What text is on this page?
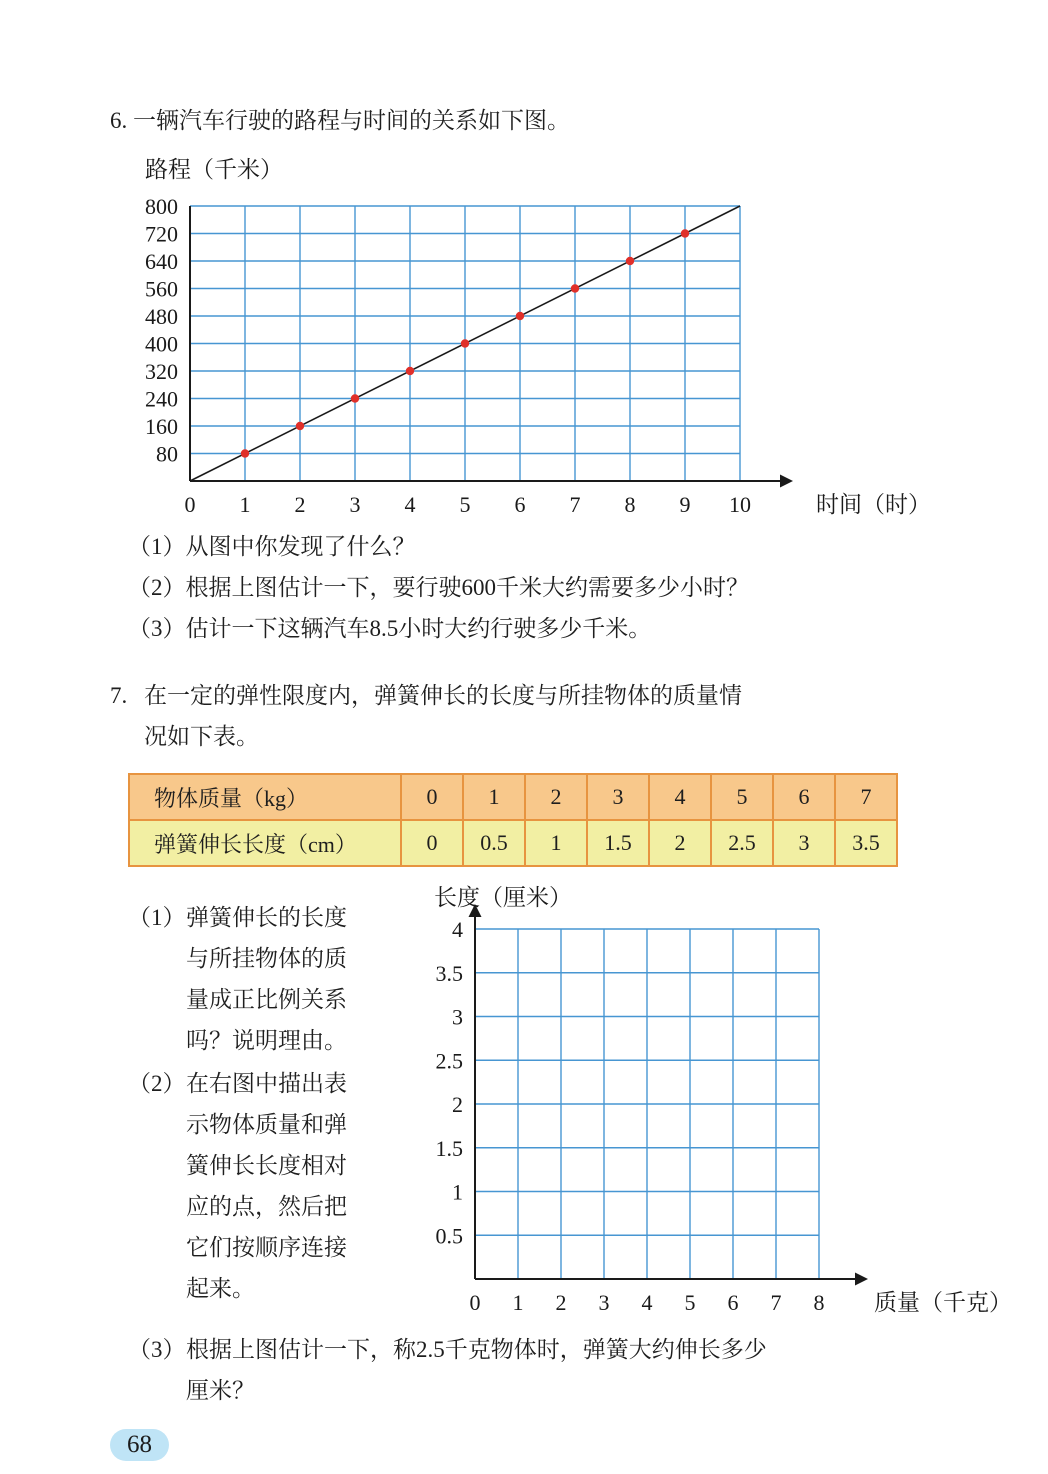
6. 一辆汽车行驶的路程与时间的关系如下图。
0 1 2 3 4 5 6 7 8 9 10
80
160
240
320
400
480
560
640
720
800
路程（千米）
时间（时）
（1）从图中你发现了什么？
（2）根据上图估计一下，要行驶600千米大约需要多少小时？
（3）估计一下这辆汽车8.5小时大约行驶多少千米。
7. 在一定的弹性限度内，弹簧伸长的长度与所挂物体的质量情
况如下表。
物体质量（kg）	0	1	2	3	4	5	6	7
弹簧伸长长度（cm）	0	0.5	1	1.5	2	2.5	3	3.5
（1） 弹簧伸长的长度
与所挂物体的质
量成正比例关系
吗？说明理由。
（2） 在右图中描出表
示物体质量和弹
簧伸长长度相对
应的点，然后把
它们按顺序连接
起来。
0 1 2 3 4 5 6 7 8
0.5
1
1.5
2
2.5
3
3.5
4
长度（厘米）
质量（千克）
（3） 根据上图估计一下，称2.5千克物体时，弹簧大约伸长多少
厘米？
68
